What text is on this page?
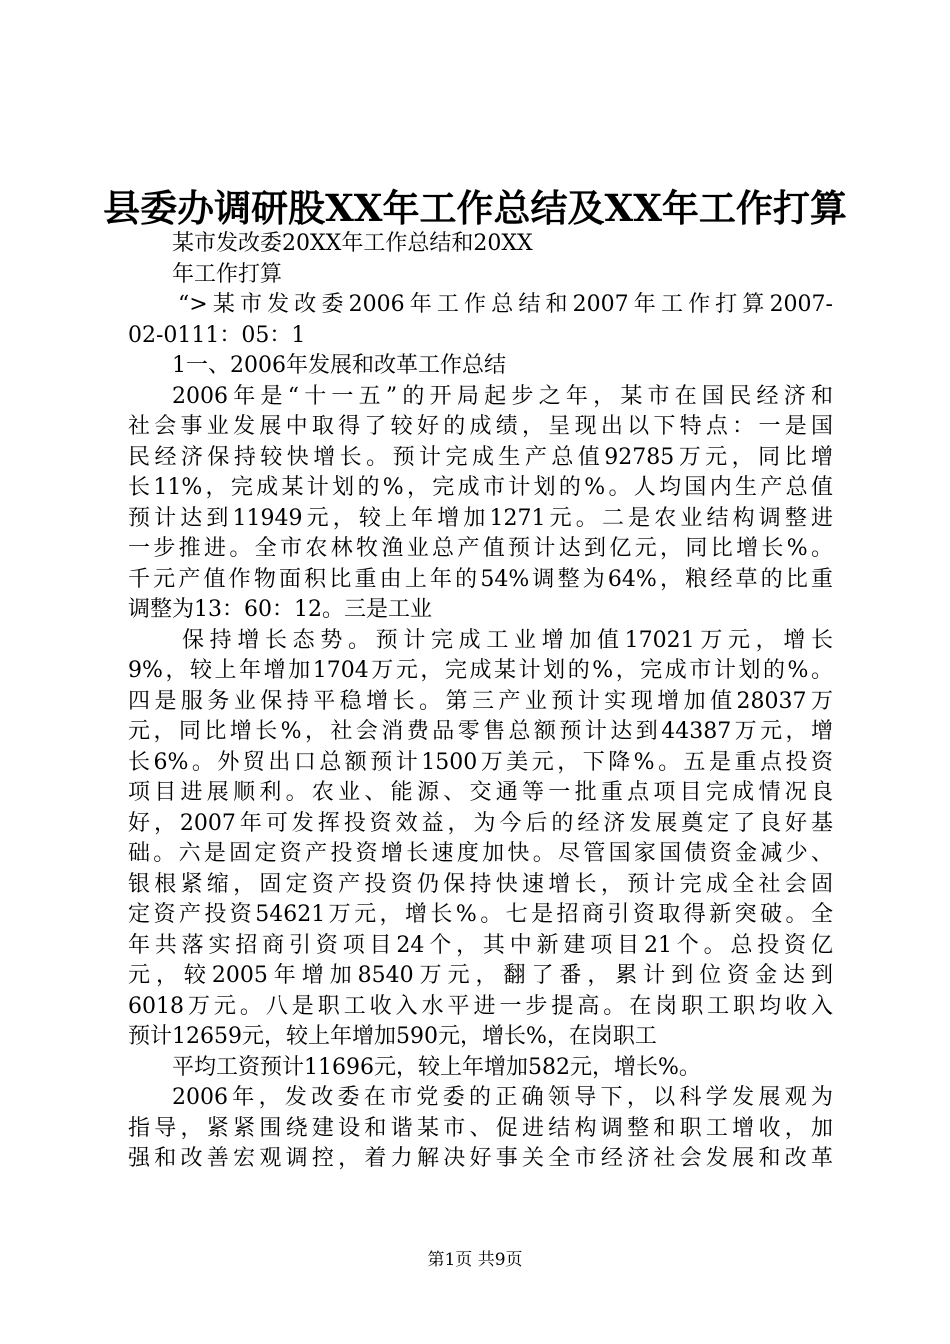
县委办调研股XX年工作总结及XX年工作打算
某市发改委20XX年工作总结和20XX
年工作打算
“>某市发改委2006年工作总结和2007年工作打算2007-
02-0111：05：1
1一、2006年发展和改革工作总结
2006年是“十一五”的开局起步之年，某市在国民经济和
社会事业发展中取得了较好的成绩，呈现出以下特点：一是国
民经济保持较快增长。预计完成生产总值92785万元，同比增
长11%，完成某计划的%，完成市计划的%。人均国内生产总值
预计达到11949元，较上年增加1271元。二是农业结构调整进
一步推进。全市农林牧渔业总产值预计达到亿元，同比增长%。
千元产值作物面积比重由上年的54%调整为64%，粮经草的比重
调整为13：60：12。三是工业
保持增长态势。预计完成工业增加值17021万元，增长
9%，较上年增加1704万元，完成某计划的%，完成市计划的%。
四是服务业保持平稳增长。第三产业预计实现增加值28037万
元，同比增长%，社会消费品零售总额预计达到44387万元，增
长6%。外贸出口总额预计1500万美元，下降%。五是重点投资
项目进展顺利。农业、能源、交通等一批重点项目完成情况良
好，2007年可发挥投资效益，为今后的经济发展奠定了良好基
础。六是固定资产投资增长速度加快。尽管国家国债资金减少、
银根紧缩，固定资产投资仍保持快速增长，预计完成全社会固
定资产投资54621万元，增长%。七是招商引资取得新突破。全
年共落实招商引资项目24个，其中新建项目21个。总投资亿
元，较2005年增加8540万元，翻了番，累计到位资金达到
6018万元。八是职工收入水平进一步提高。在岗职工职均收入
预计12659元，较上年增加590元，增长%，在岗职工
平均工资预计11696元，较上年增加582元，增长%。
2006年，发改委在市党委的正确领导下，以科学发展观为
指导，紧紧围绕建设和谐某市、促进结构调整和职工增收，加
强和改善宏观调控，着力解决好事关全市经济社会发展和改革
第1页 共9页
